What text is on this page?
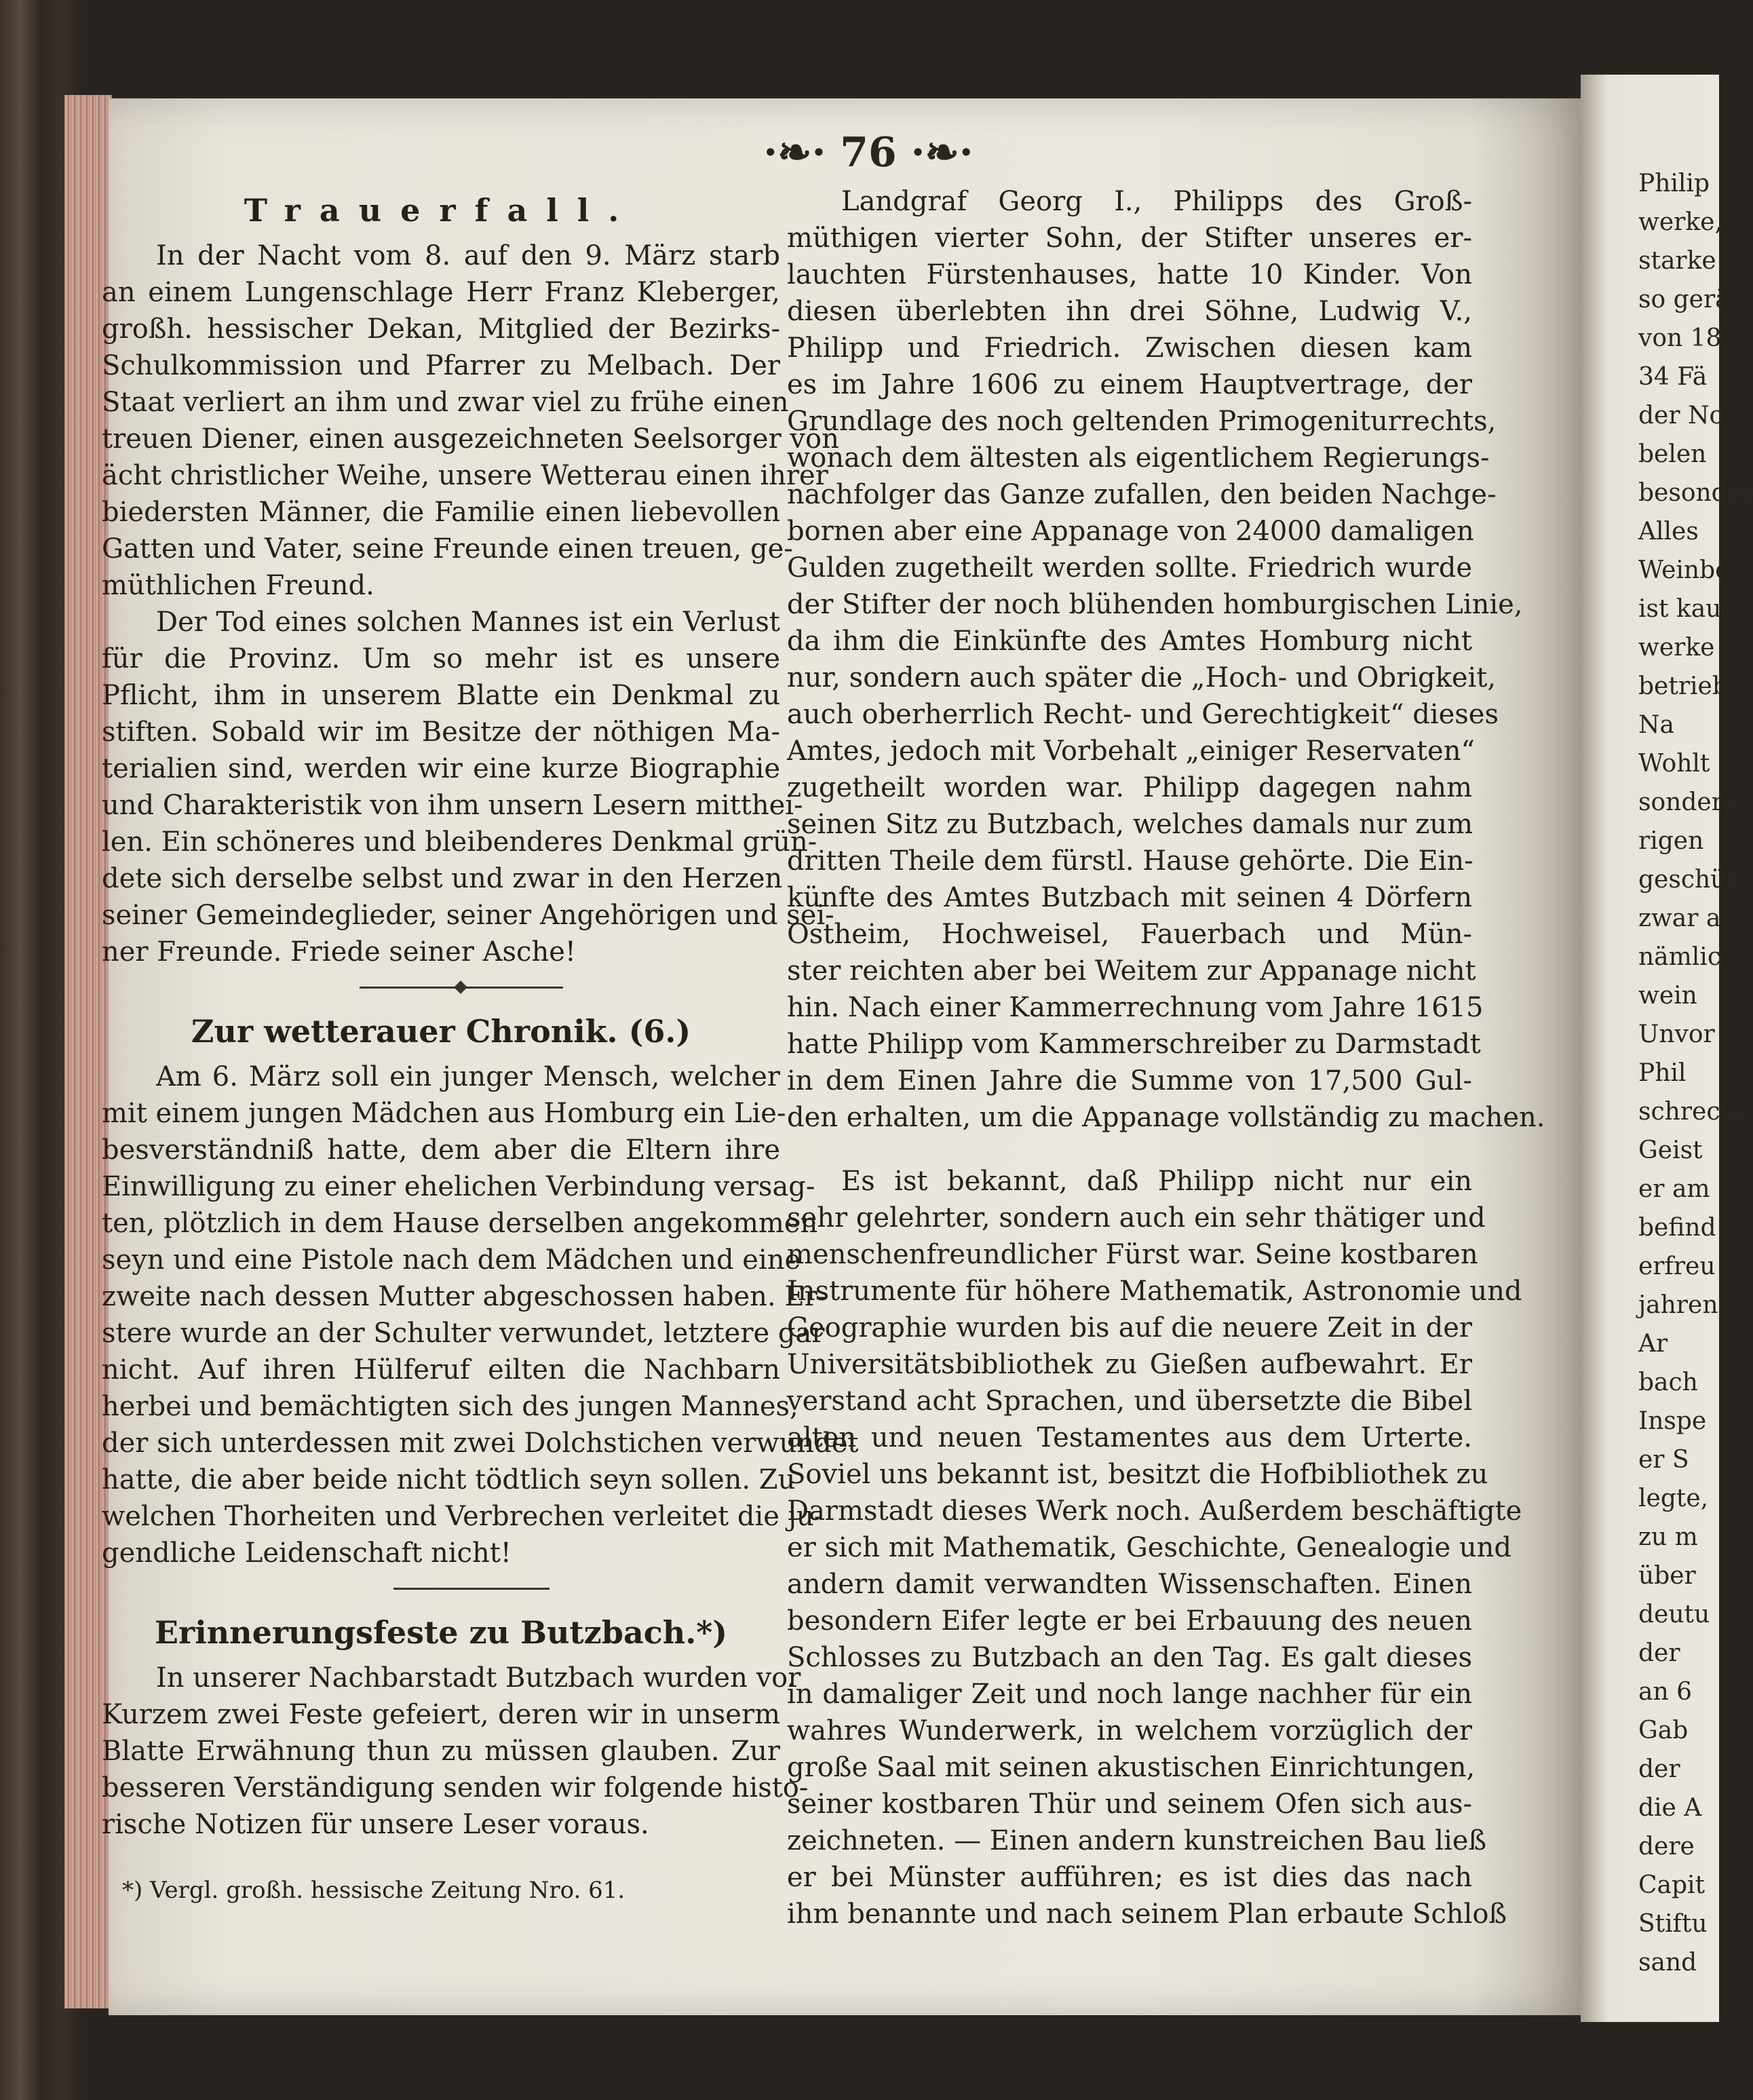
Philip
werke,
starke
so gerä
von 18
34 Fä
der No
belen
besonder
Alles
Weinbe
ist kau
werke
betrieb
Na
Wohlt
sonders
rigen
geschüt
zwar a
nämlic
wein
Unvor
Phil
schreckl
Geist
er am
befind
erfreu
jahren
Ar
bach
Inspe
er S
legte,
zu m
über
deutu
der
an 6
Gab
der
die A
dere
Capit
Stiftu
sand
·❧· 76 ·❧·
Trauerfall.
In der Nacht vom 8. auf den 9. März starb
an einem Lungenschlage Herr Franz Kleberger,
großh. hessischer Dekan, Mitglied der Bezirks-
Schulkommission und Pfarrer zu Melbach. Der
Staat verliert an ihm und zwar viel zu frühe einen
treuen Diener, einen ausgezeichneten Seelsorger von
ächt christlicher Weihe, unsere Wetterau einen ihrer
biedersten Männer, die Familie einen liebevollen
Gatten und Vater, seine Freunde einen treuen, ge-
müthlichen Freund.
Der Tod eines solchen Mannes ist ein Verlust
für die Provinz. Um so mehr ist es unsere
Pflicht, ihm in unserem Blatte ein Denkmal zu
stiften. Sobald wir im Besitze der nöthigen Ma-
terialien sind, werden wir eine kurze Biographie
und Charakteristik von ihm unsern Lesern mitthei-
len. Ein schöneres und bleibenderes Denkmal grün-
dete sich derselbe selbst und zwar in den Herzen
seiner Gemeindeglieder, seiner Angehörigen und sei-
ner Freunde. Friede seiner Asche!
Zur wetterauer Chronik. (6.)
Am 6. März soll ein junger Mensch, welcher
mit einem jungen Mädchen aus Homburg ein Lie-
besverständniß hatte, dem aber die Eltern ihre
Einwilligung zu einer ehelichen Verbindung versag-
ten, plötzlich in dem Hause derselben angekommen
seyn und eine Pistole nach dem Mädchen und eine
zweite nach dessen Mutter abgeschossen haben. Er-
stere wurde an der Schulter verwundet, letztere gar
nicht. Auf ihren Hülferuf eilten die Nachbarn
herbei und bemächtigten sich des jungen Mannes,
der sich unterdessen mit zwei Dolchstichen verwundet
hatte, die aber beide nicht tödtlich seyn sollen. Zu
welchen Thorheiten und Verbrechen verleitet die ju-
gendliche Leidenschaft nicht!
Erinnerungsfeste zu Butzbach.*)
In unserer Nachbarstadt Butzbach wurden vor
Kurzem zwei Feste gefeiert, deren wir in unserm
Blatte Erwähnung thun zu müssen glauben. Zur
besseren Verständigung senden wir folgende histo-
rische Notizen für unsere Leser voraus.
*) Vergl. großh. hessische Zeitung Nro. 61.
Landgraf Georg I., Philipps des Groß-
müthigen vierter Sohn, der Stifter unseres er-
lauchten Fürstenhauses, hatte 10 Kinder. Von
diesen überlebten ihn drei Söhne, Ludwig V.,
Philipp und Friedrich. Zwischen diesen kam
es im Jahre 1606 zu einem Hauptvertrage, der
Grundlage des noch geltenden Primogeniturrechts,
wonach dem ältesten als eigentlichem Regierungs-
nachfolger das Ganze zufallen, den beiden Nachge-
bornen aber eine Appanage von 24000 damaligen
Gulden zugetheilt werden sollte. Friedrich wurde
der Stifter der noch blühenden homburgischen Linie,
da ihm die Einkünfte des Amtes Homburg nicht
nur, sondern auch später die „Hoch- und Obrigkeit,
auch oberherrlich Recht- und Gerechtigkeit“ dieses
Amtes, jedoch mit Vorbehalt „einiger Reservaten“
zugetheilt worden war. Philipp dagegen nahm
seinen Sitz zu Butzbach, welches damals nur zum
dritten Theile dem fürstl. Hause gehörte. Die Ein-
künfte des Amtes Butzbach mit seinen 4 Dörfern
Ostheim, Hochweisel, Fauerbach und Mün-
ster reichten aber bei Weitem zur Appanage nicht
hin. Nach einer Kammerrechnung vom Jahre 1615
hatte Philipp vom Kammerschreiber zu Darmstadt
in dem Einen Jahre die Summe von 17,500 Gul-
den erhalten, um die Appanage vollständig zu machen.
Es ist bekannt, daß Philipp nicht nur ein
sehr gelehrter, sondern auch ein sehr thätiger und
menschenfreundlicher Fürst war. Seine kostbaren
Instrumente für höhere Mathematik, Astronomie und
Geographie wurden bis auf die neuere Zeit in der
Universitätsbibliothek zu Gießen aufbewahrt. Er
verstand acht Sprachen, und übersetzte die Bibel
alten und neuen Testamentes aus dem Urterte.
Soviel uns bekannt ist, besitzt die Hofbibliothek zu
Darmstadt dieses Werk noch. Außerdem beschäftigte
er sich mit Mathematik, Geschichte, Genealogie und
andern damit verwandten Wissenschaften. Einen
besondern Eifer legte er bei Erbauung des neuen
Schlosses zu Butzbach an den Tag. Es galt dieses
in damaliger Zeit und noch lange nachher für ein
wahres Wunderwerk, in welchem vorzüglich der
große Saal mit seinen akustischen Einrichtungen,
seiner kostbaren Thür und seinem Ofen sich aus-
zeichneten. — Einen andern kunstreichen Bau ließ
er bei Münster aufführen; es ist dies das nach
ihm benannte und nach seinem Plan erbaute Schloß
